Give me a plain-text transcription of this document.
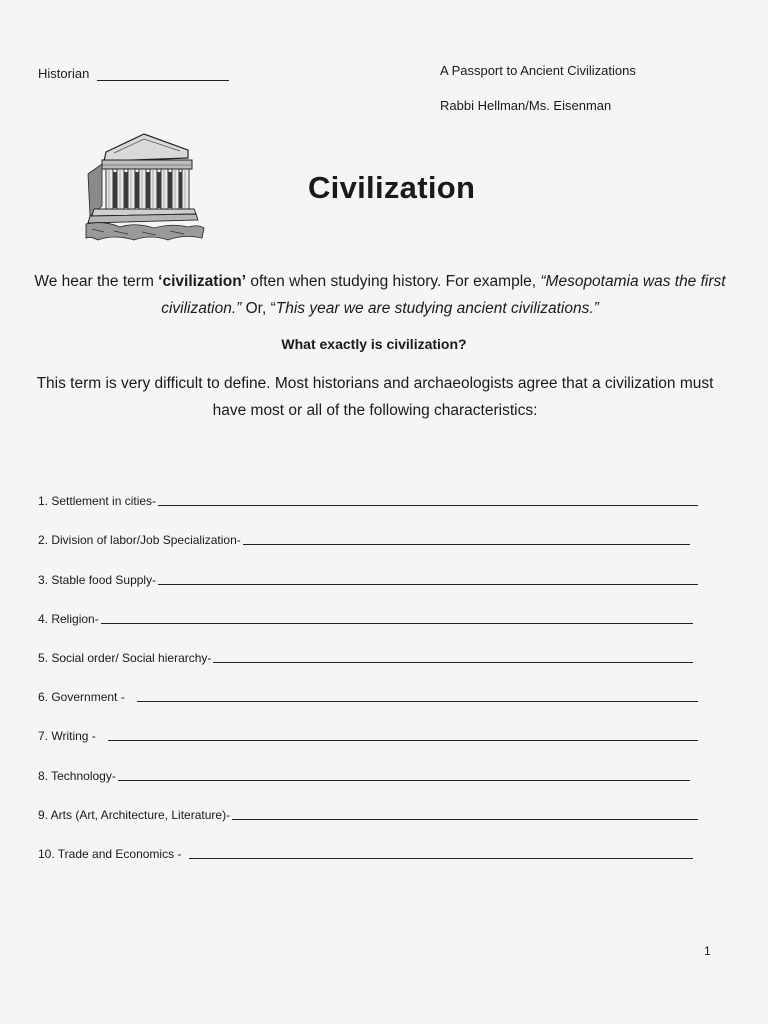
Historian	A Passport to Ancient Civilizations
Rabbi Hellman/Ms. Eisenman
Civilization
We hear the term ‘civilization’ often when studying history. For example, “Mesopotamia was the first civilization.” Or, “This year we are studying ancient civilizations.”
What exactly is civilization?
This term is very difficult to define. Most historians and archaeologists agree that a civilization must have most or all of the following characteristics:
1. Settlement in cities-
2. Division of labor/Job Specialization-
3. Stable food Supply-
4. Religion-
5. Social order/ Social hierarchy-
6. Government -
7. Writing -
8. Technology-
9. Arts (Art, Architecture, Literature)-
10. Trade and Economics -
1
